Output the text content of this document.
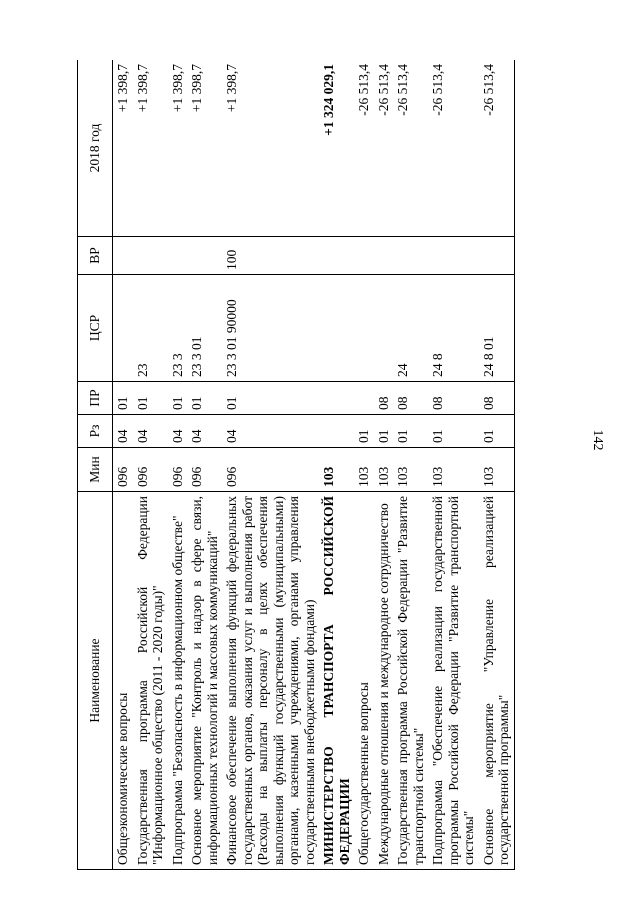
142
Наименование	Мин	Рз	ПР	ЦСР	ВР	2018 год
Общеэкономические вопросы	096	04	01			+1 398,7
Государственная программа Российской Федерации "Информационное общество (2011 - 2020 годы)"	096	04	01	23		+1 398,7
Подпрограмма "Безопасность в информационном обществе"	096	04	01	23 3		+1 398,7
Основное мероприятие "Контроль и надзор в сфере связи, информационных технологий и массовых коммуникаций"	096	04	01	23 3 01		+1 398,7
Финансовое обеспечение выполнения функций федеральных государственных органов, оказания услуг и выполнения работ (Расходы на выплаты персоналу в целях обеспечения выполнения функций государственными (муниципальными) органами, казенными учреждениями, органами управления государственными внебюджетными фондами)	096	04	01	23 3 01 90000	100	+1 398,7
МИНИСТЕРСТВО ТРАНСПОРТА РОССИЙСКОЙ ФЕДЕРАЦИИ	103					+1 324 029,1
Общегосударственные вопросы	103	01				-26 513,4
Международные отношения и международное сотрудничество	103	01	08			-26 513,4
Государственная программа Российской Федерации "Развитие транспортной системы"	103	01	08	24		-26 513,4
Подпрограмма "Обеспечение реализации государственной программы Российской Федерации "Развитие транспортной системы"	103	01	08	24 8		-26 513,4
Основное мероприятие "Управление реализацией государственной программы"	103	01	08	24 8 01		-26 513,4
